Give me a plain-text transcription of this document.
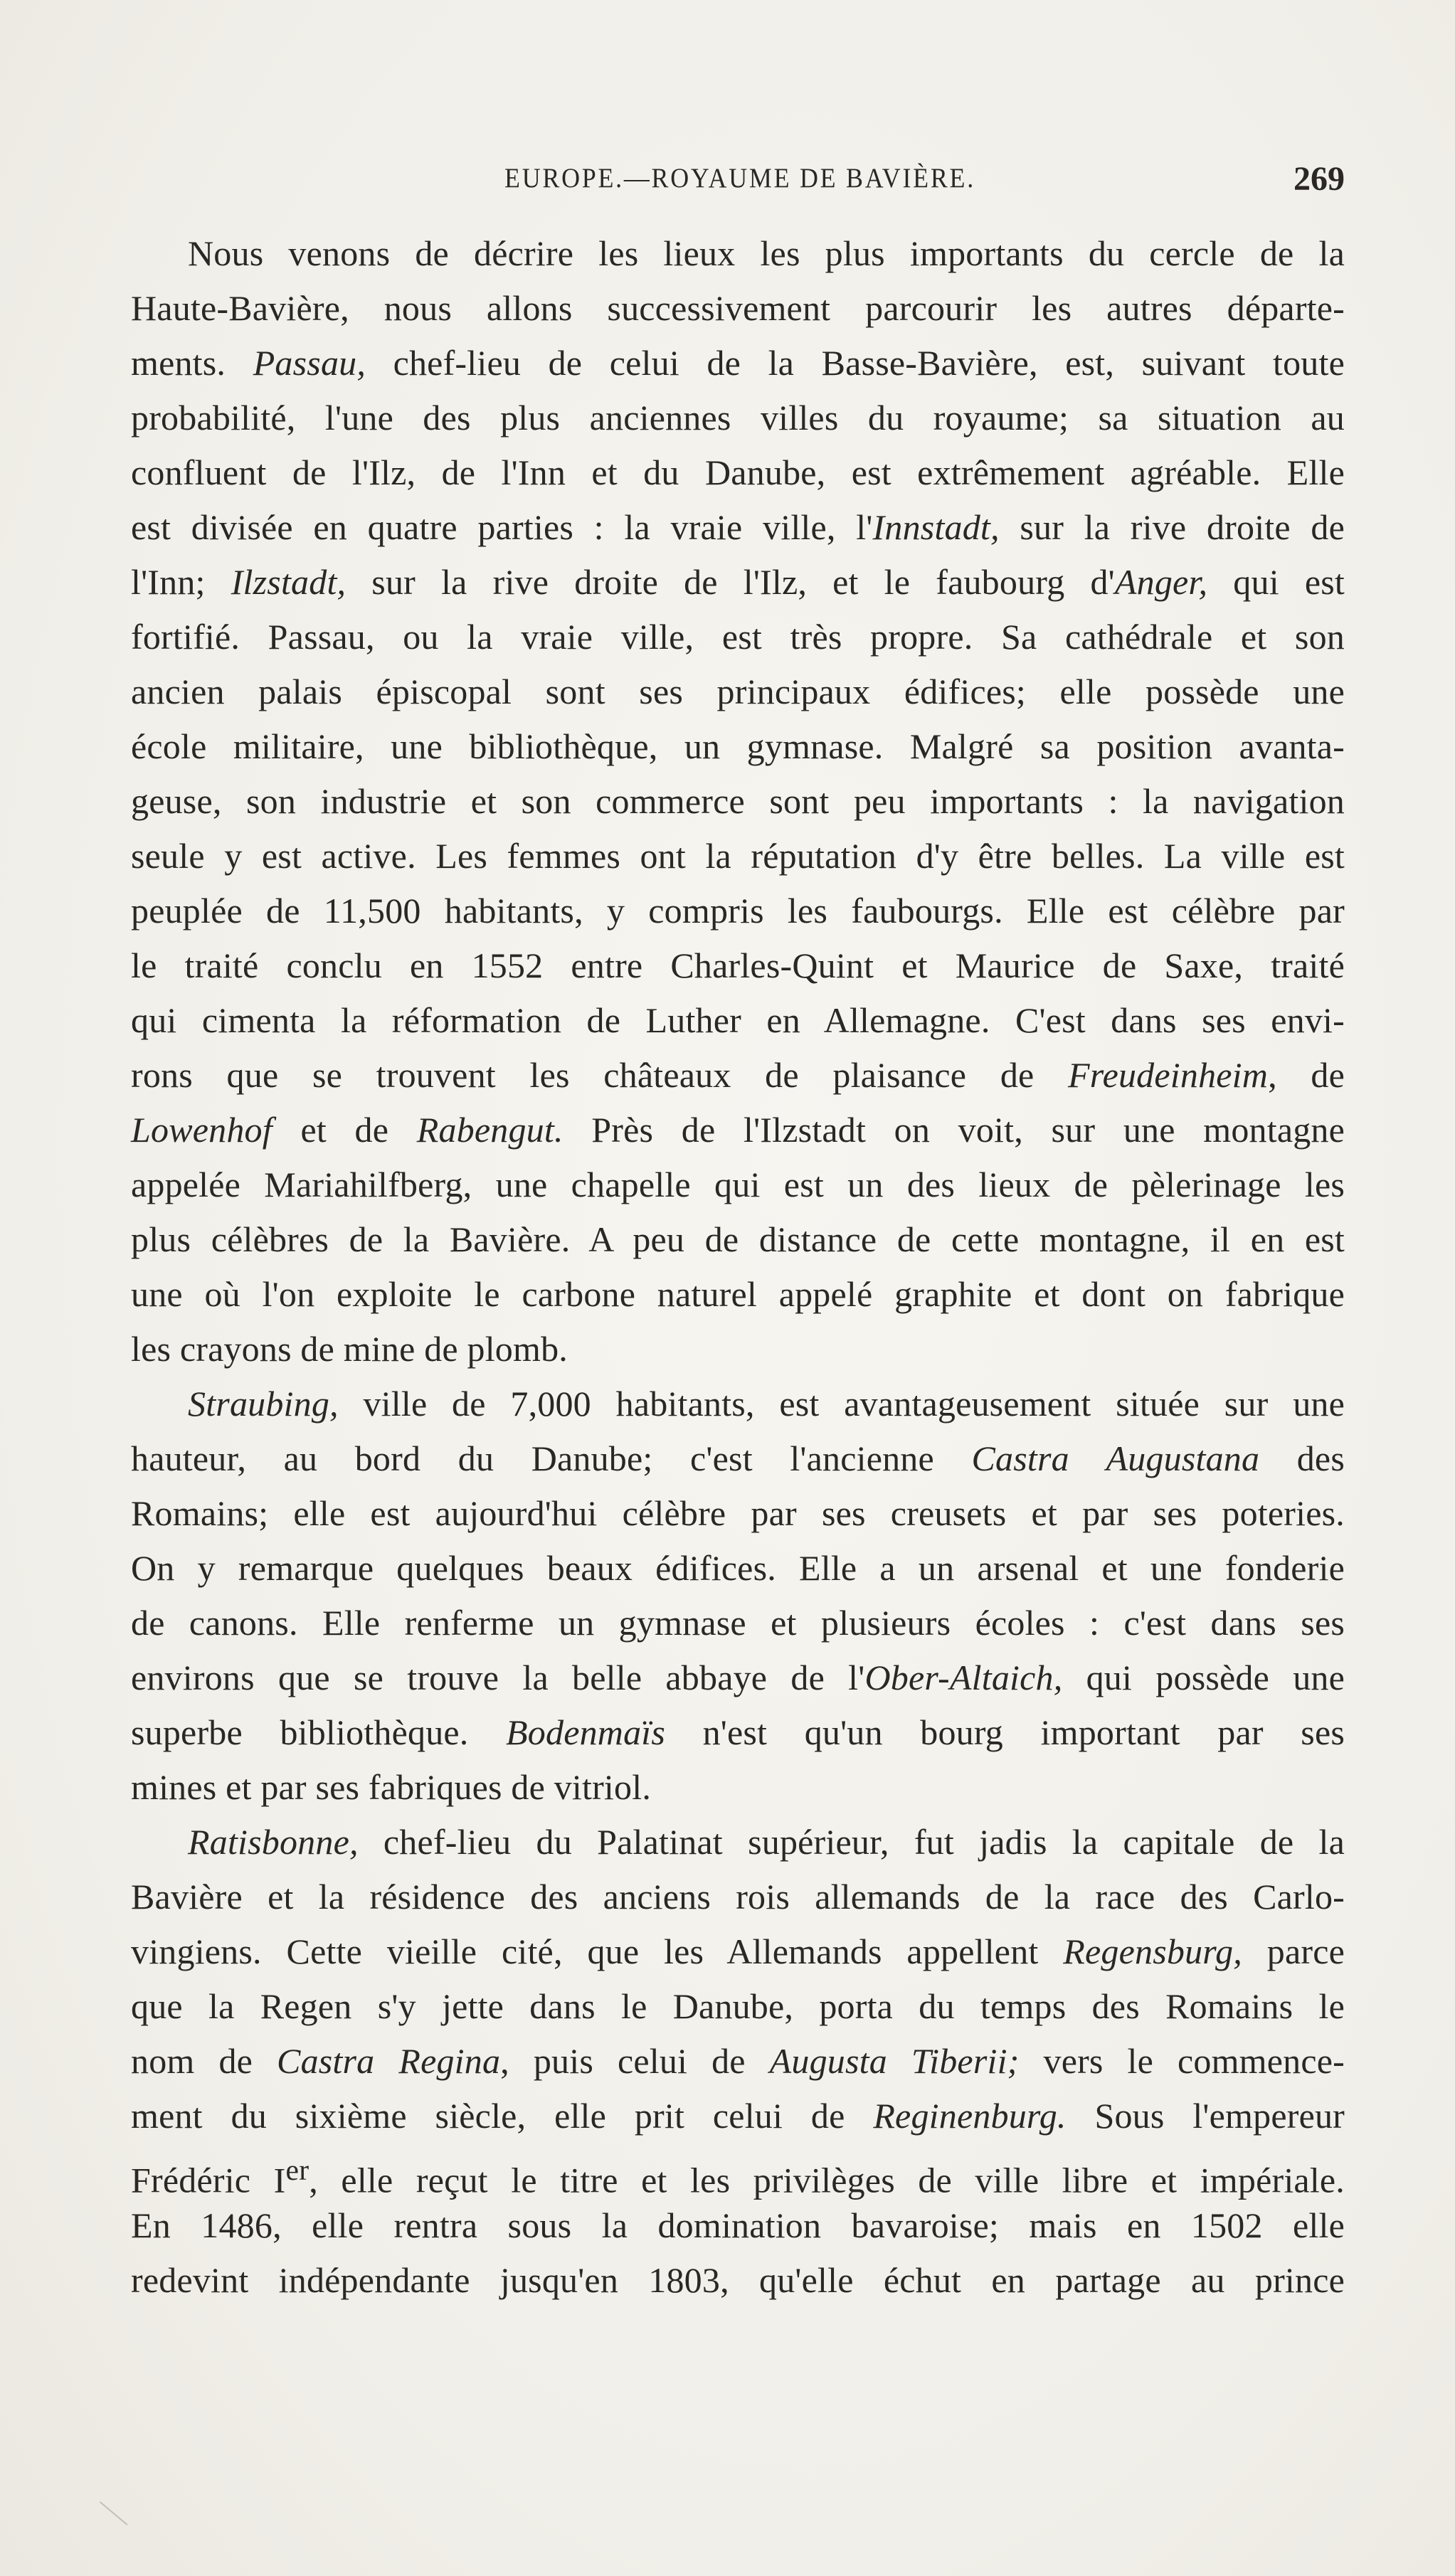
EUROPE.—ROYAUME DE BAVIÈRE.	269
Nous venons de décrire les lieux les plus importants du cercle de la
Haute-Bavière, nous allons successivement parcourir les autres départe-
ments. Passau, chef-lieu de celui de la Basse-Bavière, est, suivant toute
probabilité, l'une des plus anciennes villes du royaume; sa situation au
confluent de l'Ilz, de l'Inn et du Danube, est extrêmement agréable. Elle
est divisée en quatre parties : la vraie ville, l'Innstadt, sur la rive droite de
l'Inn; Ilzstadt, sur la rive droite de l'Ilz, et le faubourg d'Anger, qui est
fortifié. Passau, ou la vraie ville, est très propre. Sa cathédrale et son
ancien palais épiscopal sont ses principaux édifices; elle possède une
école militaire, une bibliothèque, un gymnase. Malgré sa position avanta-
geuse, son industrie et son commerce sont peu importants : la navigation
seule y est active. Les femmes ont la réputation d'y être belles. La ville est
peuplée de 11,500 habitants, y compris les faubourgs. Elle est célèbre par
le traité conclu en 1552 entre Charles-Quint et Maurice de Saxe, traité
qui cimenta la réformation de Luther en Allemagne. C'est dans ses envi-
rons que se trouvent les châteaux de plaisance de Freudeinheim, de
Lowenhof et de Rabengut. Près de l'Ilzstadt on voit, sur une montagne
appelée Mariahilfberg, une chapelle qui est un des lieux de pèlerinage les
plus célèbres de la Bavière. A peu de distance de cette montagne, il en est
une où l'on exploite le carbone naturel appelé graphite et dont on fabrique
les crayons de mine de plomb.
Straubing, ville de 7,000 habitants, est avantageusement située sur une
hauteur, au bord du Danube; c'est l'ancienne Castra Augustana des
Romains; elle est aujourd'hui célèbre par ses creusets et par ses poteries.
On y remarque quelques beaux édifices. Elle a un arsenal et une fonderie
de canons. Elle renferme un gymnase et plusieurs écoles : c'est dans ses
environs que se trouve la belle abbaye de l'Ober-Altaich, qui possède une
superbe bibliothèque. Bodenmaïs n'est qu'un bourg important par ses
mines et par ses fabriques de vitriol.
Ratisbonne, chef-lieu du Palatinat supérieur, fut jadis la capitale de la
Bavière et la résidence des anciens rois allemands de la race des Carlo-
vingiens. Cette vieille cité, que les Allemands appellent Regensburg, parce
que la Regen s'y jette dans le Danube, porta du temps des Romains le
nom de Castra Regina, puis celui de Augusta Tiberii; vers le commence-
ment du sixième siècle, elle prit celui de Reginenburg. Sous l'empereur
Frédéric Ier, elle reçut le titre et les privilèges de ville libre et impériale.
En 1486, elle rentra sous la domination bavaroise; mais en 1502 elle
redevint indépendante jusqu'en 1803, qu'elle échut en partage au prince
